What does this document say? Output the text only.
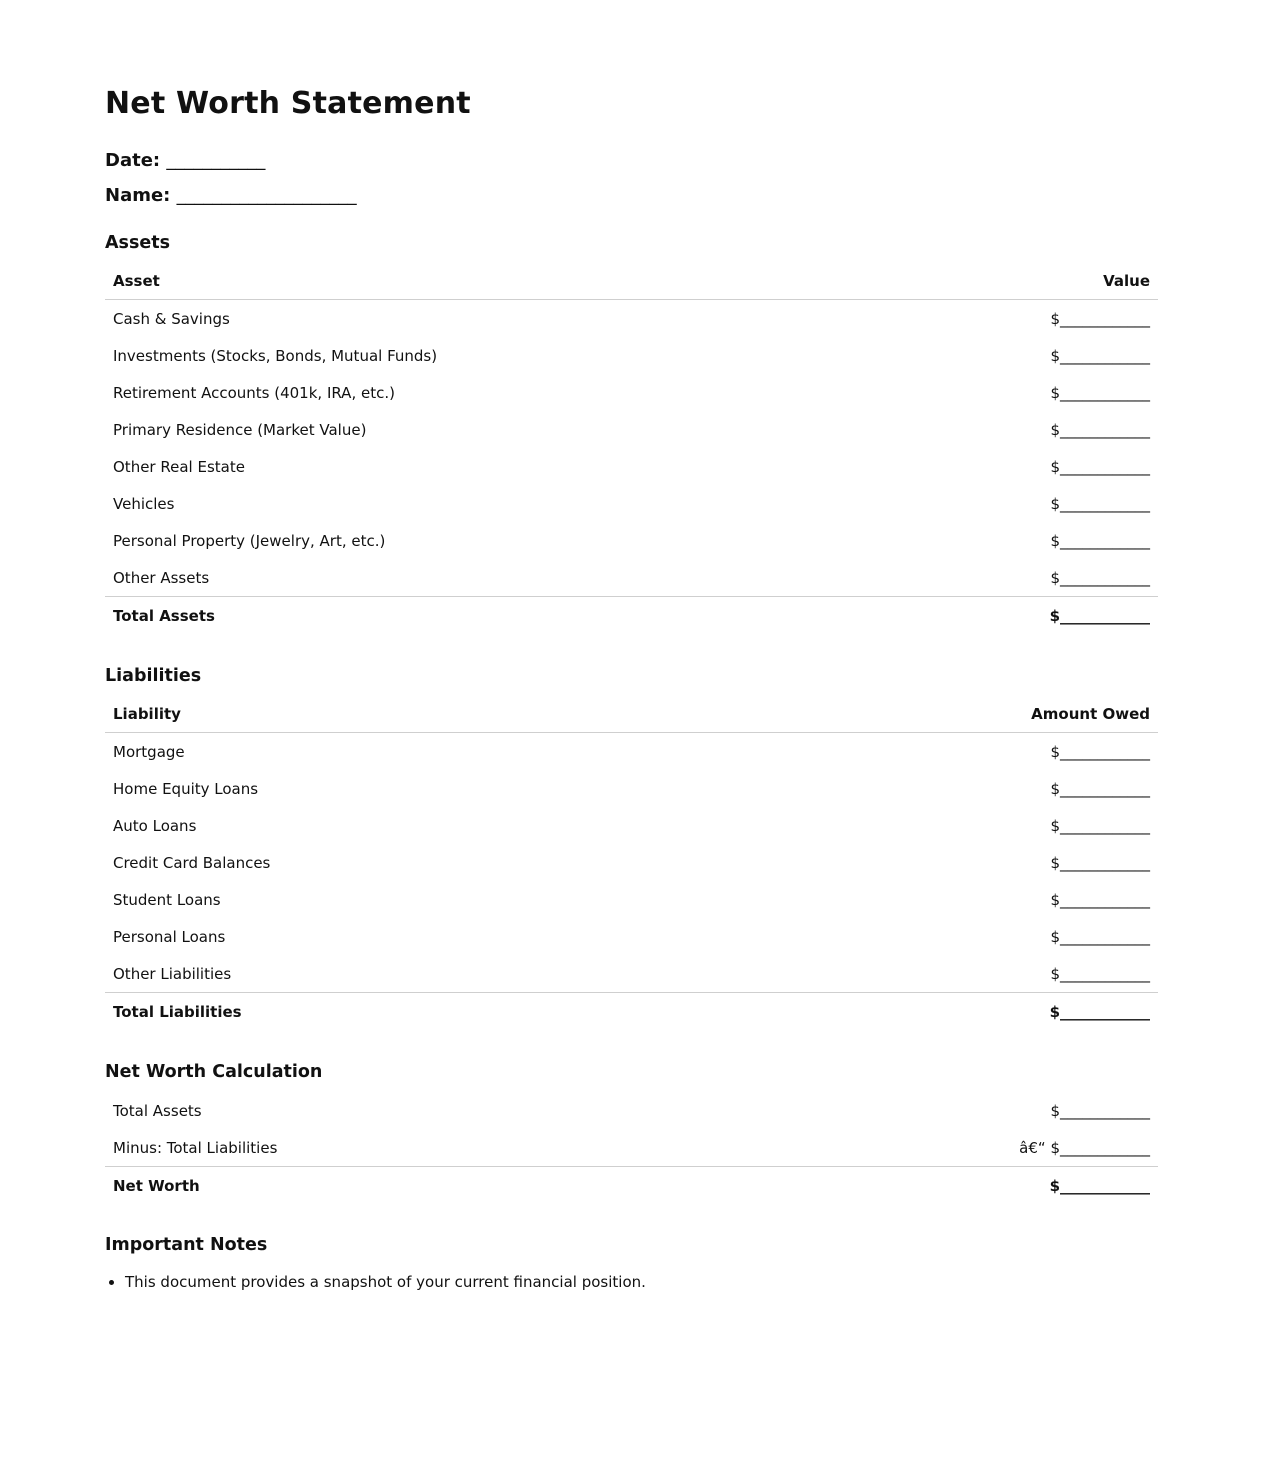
Net Worth Statement

Date: ___________

Name: ____________________

Assets
Asset	Value
Cash & Savings	$____________
Investments (Stocks, Bonds, Mutual Funds)	$____________
Retirement Accounts (401k, IRA, etc.)	$____________
Primary Residence (Market Value)	$____________
Other Real Estate	$____________
Vehicles	$____________
Personal Property (Jewelry, Art, etc.)	$____________
Other Assets	$____________
Total Assets	$____________
Liabilities
Liability	Amount Owed
Mortgage	$____________
Home Equity Loans	$____________
Auto Loans	$____________
Credit Card Balances	$____________
Student Loans	$____________
Personal Loans	$____________
Other Liabilities	$____________
Total Liabilities	$____________
Net Worth Calculation
Total Assets	$____________
Minus: Total Liabilities	â€“ $____________
Net Worth	$____________
Important Notes
• This document provides a snapshot of your current financial position.
